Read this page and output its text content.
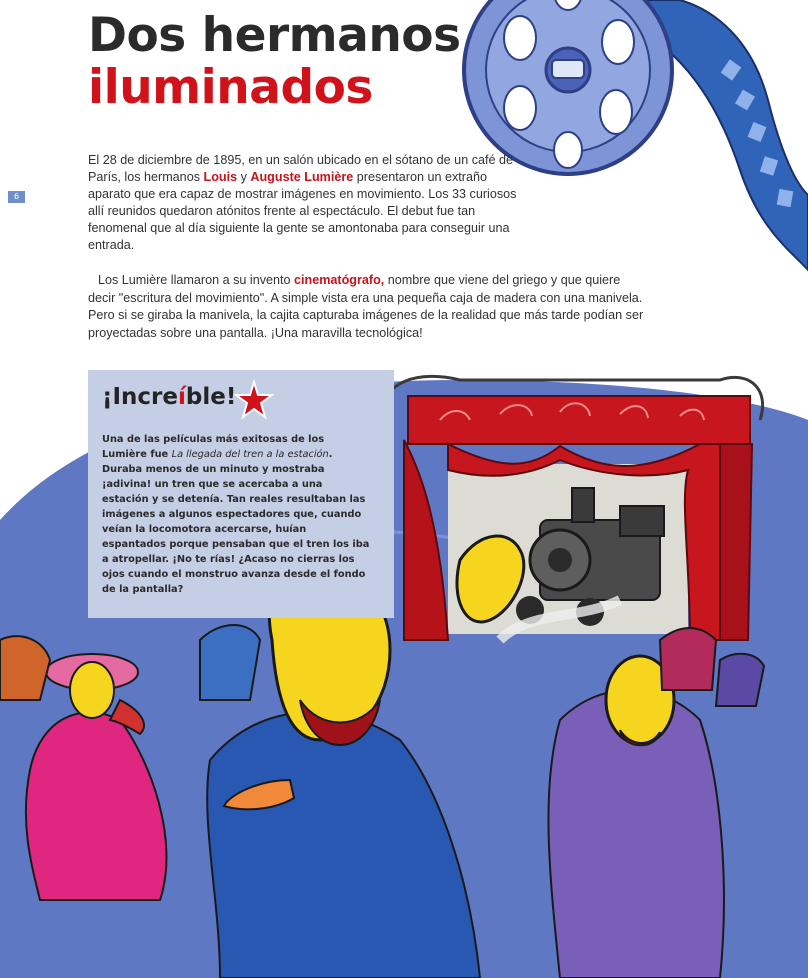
Dos hermanos
iluminados
6

El 28 de diciembre de 1895, en un salón ubicado en el sótano de un café de París, los hermanos Louis y Auguste Lumière presentaron un extraño aparato que era capaz de mostrar imágenes en movimiento. Los 33 curiosos allí reunidos quedaron atónitos frente al espectáculo. El debut fue tan fenomenal que al día siguiente la gente se amontonaba para conseguir una entrada.

Los Lumière llamaron a su invento cinematógrafo, nombre que viene del griego y que quiere decir "escritura del movimiento". A simple vista era una pequeña caja de madera con una manivela. Pero si se giraba la manivela, la cajita capturaba imágenes de la realidad que más tarde podían ser proyectadas sobre una pantalla. ¡Una maravilla tecnológica!

¡Increíble!

Una de las películas más exitosas de los Lumière fue La llegada del tren a la estación. Duraba menos de un minuto y mostraba ¡adivina! un tren que se acercaba a una estación y se detenía. Tan reales resultaban las imágenes a algunos espectadores que, cuando veían la locomotora acercarse, huían espantados porque pensaban que el tren los iba a atropellar. ¡No te rías! ¿Acaso no cierras los ojos cuando el monstruo avanza desde el fondo de la pantalla?
